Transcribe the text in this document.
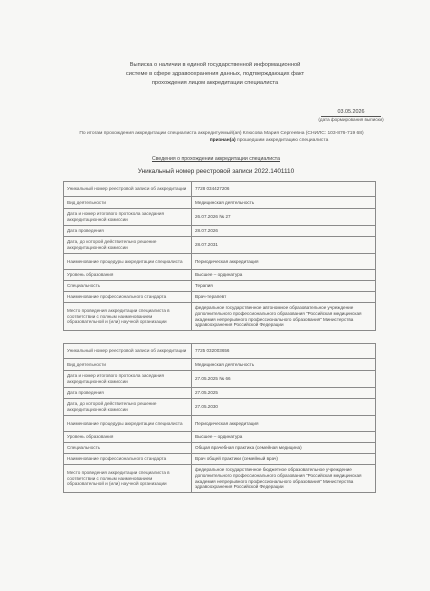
Выписка о наличии в единой государственной информационной
системе в сфере здравоохранения данных, подтверждающих факт
прохождения лицом аккредитации специалиста
03.05.2026
(дата формирования выписки)
По итогам прохождения аккредитации специалиста аккредитуемый(ая) Клюсова Мария Сергеевна (СНИЛС: 103-876-719 68)
признан(а) прошедшим аккредитацию специалиста
Сведения о прохождении аккредитации специалиста
Уникальный номер реестровой записи 2022.1401110
Уникальный номер реестровой записи об аккредитации	7728 034427206
Вид деятельности	Медицинская деятельность
Дата и номер итогового протокола заседания аккредитационной комиссии	26.07.2026 № 27
Дата проведения	28.07.2026
Дата, до которой действительно решение аккредитационной комиссии	28.07.2031
Наименование процедуры аккредитации специалиста	Периодическая аккредитация
Уровень образования	Высшее – ординатура
Специальность	Терапия
Наименование профессионального стандарта	Врач-терапевт
Место проведения аккредитации специалиста в соответствии с полным наименованием образовательной и (или) научной организации	федеральное государственное автономное образовательное учреждение дополнительного профессионального образования "Российская медицинская академия непрерывного профессионального образования" Министерства здравоохранения Российской Федерации
Уникальный номер реестровой записи об аккредитации	7725 032003656
Вид деятельности	Медицинская деятельность
Дата и номер итогового протокола заседания аккредитационной комиссии	27.05.2025 № 66
Дата проведения	27.05.2025
Дата, до которой действительно решение аккредитационной комиссии	27.05.2030
Наименование процедуры аккредитации специалиста	Периодическая аккредитация
Уровень образования	Высшее – ординатура
Специальность	Общая врачебная практика (семейная медицина)
Наименование профессионального стандарта	Врач общей практики (семейный врач)
Место проведения аккредитации специалиста в соответствии с полным наименованием образовательной и (или) научной организации	федеральное государственное бюджетное образовательное учреждение дополнительного профессионального образования "Российская медицинская академия непрерывного профессионального образования" Министерства здравоохранения Российской Федерации
